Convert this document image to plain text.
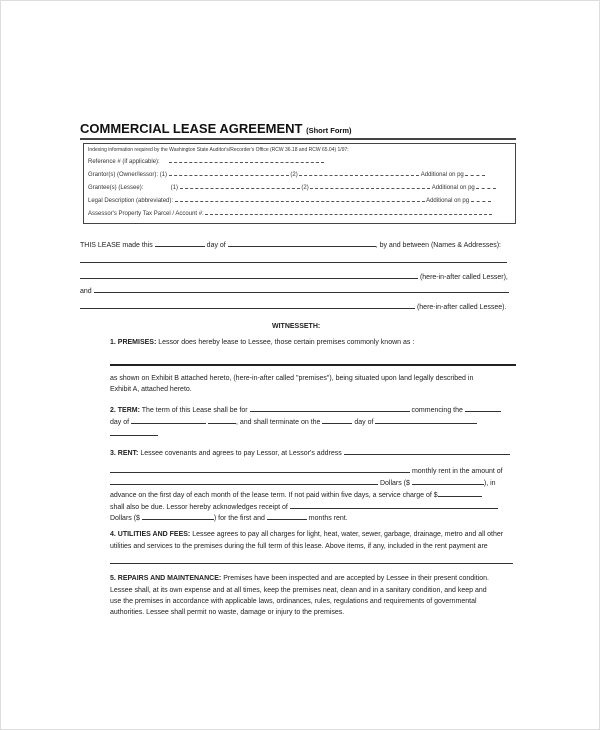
COMMERCIAL LEASE AGREEMENT (Short Form)
Indexing information required by the Washington State Auditor's/Recorder's Office (RCW 36.18 and RCW 65.04) 1/97:
Reference # (if applicable):
Grantor(s) (Owner/lessor): (1)	(2)	Additional on pg
Grantee(s) (Lessee):	(1)	(2)	Additional on pg
Legal Description (abbreviated):	Additional on pg
Assessor's Property Tax Parcel / Account #:
THIS LEASE made this	day of	, by and between (Names & Addresses):
(here-in-after called Lesser),
and
(here-in-after called Lessee).
WITNESSETH:
1. PREMISES: Lessor does hereby lease to Lessee, those certain premises commonly known as :
as shown on Exhibit B attached hereto, (here-in-after called "premises"), being situated upon land legally described in
Exhibit A, attached hereto.
2. TERM: The term of this Lease shall be for	commencing the
day of	, and shall terminate on the	day of
3. RENT: Lessee covenants and agrees to pay Lessor, at Lessor's address
monthly rent in the amount of
Dollars ($	), in
advance on the first day of each month of the lease term. If not paid within five days, a service charge of $
shall also be due. Lessor hereby acknowledges receipt of
Dollars ($	) for the first and	months rent.
4. UTILITIES AND FEES: Lessee agrees to pay all charges for light, heat, water, sewer, garbage, drainage, metro and all other
utilities and services to the premises during the full term of this lease. Above items, if any, included in the rent payment are
5. REPAIRS AND MAINTENANCE: Premises have been inspected and are accepted by Lessee in their present condition.
Lessee shall, at its own expense and at all times, keep the premises neat, clean and in a sanitary condition, and keep and
use the premises in accordance with applicable laws, ordinances, rules, regulations and requirements of governmental
authorities. Lessee shall permit no waste, damage or injury to the premises.
